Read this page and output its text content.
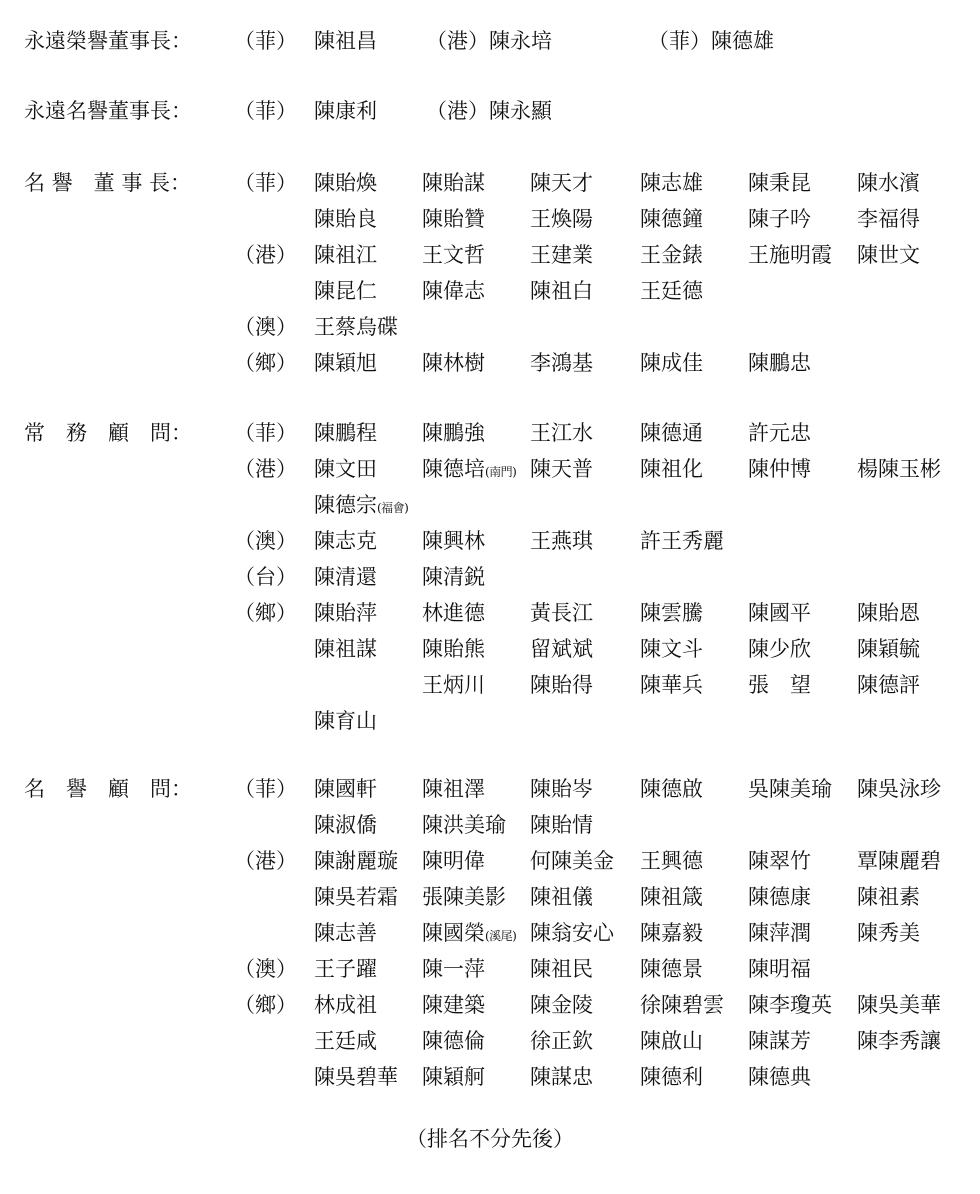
永遠榮譽董事長： （菲） 陳祖昌 （港）陳永培	（菲）陳德雄
永遠名譽董事長： （菲） 陳康利 （港）陳永顯
名 譽　董 事 長： （菲） 陳貽煥 陳貽謀 陳天才 陳志雄 陳秉昆 陳水濱
陳貽良 陳貽贊 王煥陽 陳德鐘 陳子吟 李福得
（港） 陳祖江 王文哲 王建業 王金錶 王施明霞 陳世文
陳昆仁 陳偉志 陳祖白 王廷德
（澳） 王蔡烏碟
（鄉） 陳穎旭 陳林樹 李鴻基 陳成佳 陳鵬忠
常　務　顧　問： （菲） 陳鵬程 陳鵬強 王江水 陳德通 許元忠
（港） 陳文田 陳德培(南門) 陳天普 陳祖化 陳仲博 楊陳玉彬
陳德宗(福會)
（澳） 陳志克 陳興林 王燕琪 許王秀麗
（台） 陳清還 陳清鋭
（鄉） 陳貽萍 林進德 黃長江 陳雲騰 陳國平 陳貽恩
陳祖謀 陳貽熊 留斌斌 陳文斗 陳少欣 陳穎毓
王炳川 陳貽得 陳華兵 張　望 陳德評
陳育山
名　譽　顧　問： （菲） 陳國軒 陳祖澤 陳貽岑 陳德啟 吳陳美瑜 陳吳泳珍
陳淑僑 陳洪美瑜 陳貽情
（港） 陳謝麗璇 陳明偉 何陳美金 王興德 陳翠竹 覃陳麗碧
陳吳若霜 張陳美影 陳祖儀 陳祖箴 陳德康 陳祖素
陳志善 陳國榮(溪尾) 陳翁安心 陳嘉毅 陳萍潤 陳秀美
（澳） 王子躍 陳一萍 陳祖民 陳德景 陳明福
（鄉） 林成祖 陳建築 陳金陵 徐陳碧雲 陳李瓊英 陳吳美華
王廷咸 陳德倫 徐正欽 陳啟山 陳謀芳 陳李秀讓
陳吳碧華 陳穎舸 陳謀忠 陳德利 陳德典
（排名不分先後）
